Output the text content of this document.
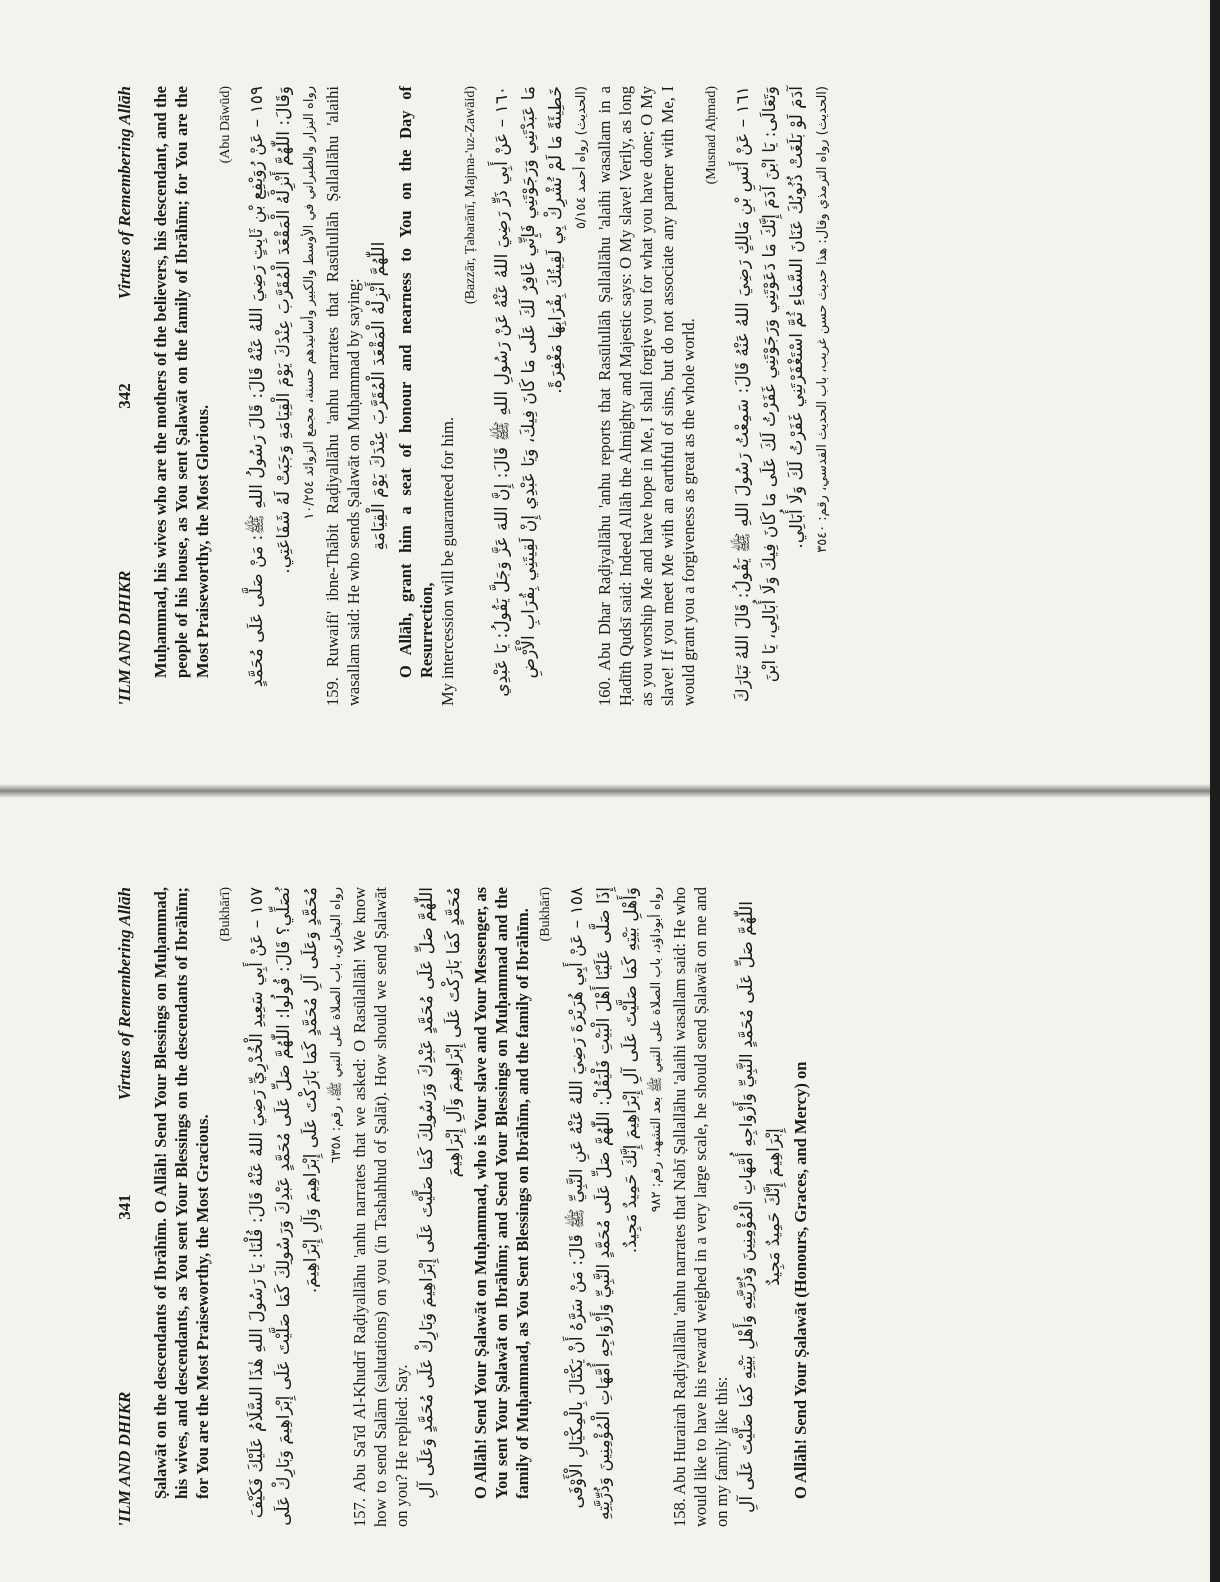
'ILM AND DHIKR
341
Virtues of Remembering Allāh Ṣalawāt on the descendants of Ibrāhīm. O Allāh! Send Your Blessings on Muḥammad, his wives, and descendants, as You sent Your Blessings on the descendants of Ibrāhīm; for You are the Most Praiseworthy, the Most Gracious.

(Bukhārī)

١٥٧ – عَنْ أَبِي سَعِيدِ الْخُدْرِيِّ رَضِيَ اللهُ عَنْهُ قَالَ: قُلْنَا: يَا رَسُولَ اللهِ هٰذَا السَّلَامُ عَلَيْكَ فَكَيْفَ نُصَلِّي؟ قَالَ: قُولُوا: اللّٰهُمَّ صَلِّ عَلَى مُحَمَّدٍ عَبْدِكَ وَرَسُولِكَ كَمَا صَلَّيْتَ عَلَى إِبْرَاهِيمَ وَبَارِكْ عَلَى مُحَمَّدٍ وَعَلَى آلِ مُحَمَّدٍ كَمَا بَارَكْتَ عَلَى إِبْرَاهِيمَ وَآلِ إِبْرَاهِيمَ. رواه البخاري، باب الصلاة على النبي ﷺ، رقم: ٦٣٥٨ 157. Abu Sa'īd Al-Khudrī Raḍiyallāhu 'anhu narrates that we asked: O Rasūlallāh! We know how to send Salām (salutations) on you (in Tashahhud of Ṣalāt). How should we send Ṣalawāt on you? He replied: Say. اللّٰهُمَّ صَلِّ عَلَى مُحَمَّدٍ عَبْدِكَ وَرَسُولِكَ كَمَا صَلَّيْتَ عَلَى إِبْرَاهِيمَ وَبَارِكْ عَلَى مُحَمَّدٍ وَعَلَى آلِ مُحَمَّدٍ كَمَا بَارَكْتَ عَلَى إِبْرَاهِيمَ وَآلِ إِبْرَاهِيمَ O Allāh! Send Your Ṣalawāt on Muḥammad, who is Your slave and Your Messenger, as You sent Your Ṣalawāt on Ibrāhīm; and Send Your Blessings on Muḥammad and the family of Muḥammad, as You Sent Blessings on Ibrāhīm, and the family of Ibrāhīm. (Bukhārī)

١٥٨ – عَنْ أَبِي هُرَيْرَةَ رَضِيَ اللهُ عَنْهُ عَنِ النَّبِيِّ ﷺ قَالَ: مَنْ سَرَّهُ أَنْ يَكْتَالَ بِالْمِكْيَالِ الْأَوْفَى إِذَا صَلَّى عَلَيْنَا أَهْلَ الْبَيْتِ فَلْيَقُلْ: اللّٰهُمَّ صَلِّ عَلَى مُحَمَّدٍ النَّبِيِّ وَأَزْوَاجِهِ أُمَّهَاتِ الْمُؤْمِنِينَ وَذُرِّيَّتِهِ وَأَهْلِ بَيْتِهِ كَمَا صَلَّيْتَ عَلَى آلِ إِبْرَاهِيمَ إِنَّكَ حَمِيدٌ مَجِيدٌ. رواه أبوداؤد، باب الصلاة على النبي ﷺ بعد التشهد، رقم: ٩٨٢ 158. Abu Hurairah Raḍiyallāhu 'anhu narrates that Nabī Ṣallallāhu 'alaihi wasallam said: He who would like to have his reward weighed in a very large scale, he should send Ṣalawāt on me and on my family like this: اللّٰهُمَّ صَلِّ عَلَى مُحَمَّدٍ النَّبِيِّ وَأَزْوَاجِهِ أُمَّهَاتِ الْمُؤْمِنِينَ وَذُرِّيَّتِهِ وَأَهْلِ بَيْتِهِ كَمَا صَلَّيْتَ عَلَى آلِ إِبْرَاهِيمَ إِنَّكَ حَمِيدٌ مَجِيدٌ O Allāh! Send Your Ṣalawāt (Honours, Graces, and Mercy) on

'ILM AND DHIKR
342
Virtues of Remembering Allāh Muḥammad, his wives who are the mothers of the believers, his descendant, and the people of his house, as You sent Ṣalawāt on the family of Ibrāhīm; for You are the Most Praiseworthy, the Most Glorious.

(Abu Dāwūd) ١٥٩ – عَنْ رُوَيْفِعِ بْنِ ثَابِتٍ رَضِيَ اللهُ عَنْهُ قَالَ: قَالَ رَسُولُ اللهِ ﷺ: مَنْ صَلَّى عَلَى مُحَمَّدٍ وَقَالَ: اللّٰهُمَّ أَنْزِلْهُ الْمَقْعَدَ الْمُقَرَّبَ عِنْدَكَ يَوْمَ الْقِيَامَةِ وَجَبَتْ لَهُ شَفَاعَتِي. رواه البزار والطبراني في الأوسط والكبير وأسانيدهم حسنة، مجمع الزوائد ١٠/٢٥٤ 159. Ruwaifi' ibne-Thābit Raḍiyallāhu 'anhu narrates that Rasūlullāh Ṣallallāhu 'alaihi wasallam said: He who sends Ṣalawāt on Muḥammad by saying: اللّٰهُمَّ أَنْزِلْهُ الْمَقْعَدَ الْمُقَرَّبَ عِنْدَكَ يَوْمَ الْقِيَامَةِ O Allāh, grant him a seat of honour and nearness to You on the Day of Resurrection, My intercession will be guaranteed for him.

(Bazzār, Ṭabarānī, Majma-'uz-Zawāid) ١٦٠ – عَنْ أَبِي ذَرٍّ رَضِيَ اللهُ عَنْهُ عَنْ رَسُولِ اللهِ ﷺ قَالَ: إِنَّ اللهَ عَزَّ وَجَلَّ يَقُولُ: يَا عَبْدِي مَا عَبَدْتَنِي وَرَجَوْتَنِي فَإِنِّي غَافِرٌ لَكَ عَلَى مَا كَانَ فِيكَ، وَيَا عَبْدِي إِنْ لَقِيتَنِي بِقُرَابِ الْأَرْضِ خَطِيئَةً مَا لَمْ تُشْرِكْ بِي لَقِيتُكَ بِقُرَابِهَا مَغْفِرَةً. (الحديث) رواه أحمد ٥/١٥٤ 160. Abu Dhar Raḍiyallāhu 'anhu reports that Rasūlullāh Ṣallallāhu 'alaihi wasallam in a Ḥadīth Qudsī said: Indeed Allāh the Almighty and Majestic says: O My slave! Verily, as long as you worship Me and have hope in Me, I shall forgive you for what you have done; O My slave! If you meet Me with an earthful of sins, but do not associate any partner with Me, I would grant you a forgiveness as great as the whole world.

(Musnad Aḥmad) ١٦١ – عَنْ أَنَسِ بْنِ مَالِكٍ رَضِيَ اللهُ عَنْهُ قَالَ: سَمِعْتُ رَسُولَ اللهِ ﷺ يَقُولُ: قَالَ اللهُ تَبَارَكَ وَتَعَالَى: يَا ابْنَ آدَمَ إِنَّكَ مَا دَعَوْتَنِي وَرَجَوْتَنِي غَفَرْتُ لَكَ عَلَى مَا كَانَ فِيكَ وَلَا أُبَالِي، يَا ابْنَ آدَمَ لَوْ بَلَغَتْ ذُنُوبُكَ عَنَانَ السَّمَاءِ ثُمَّ اسْتَغْفَرْتَنِي غَفَرْتُ لَكَ وَلَا أُبَالِي. (الحديث) رواه الترمذي وقال: هذا حديث حسن غريب، باب الحديث القدسي، رقم: ٣٥٤٠
